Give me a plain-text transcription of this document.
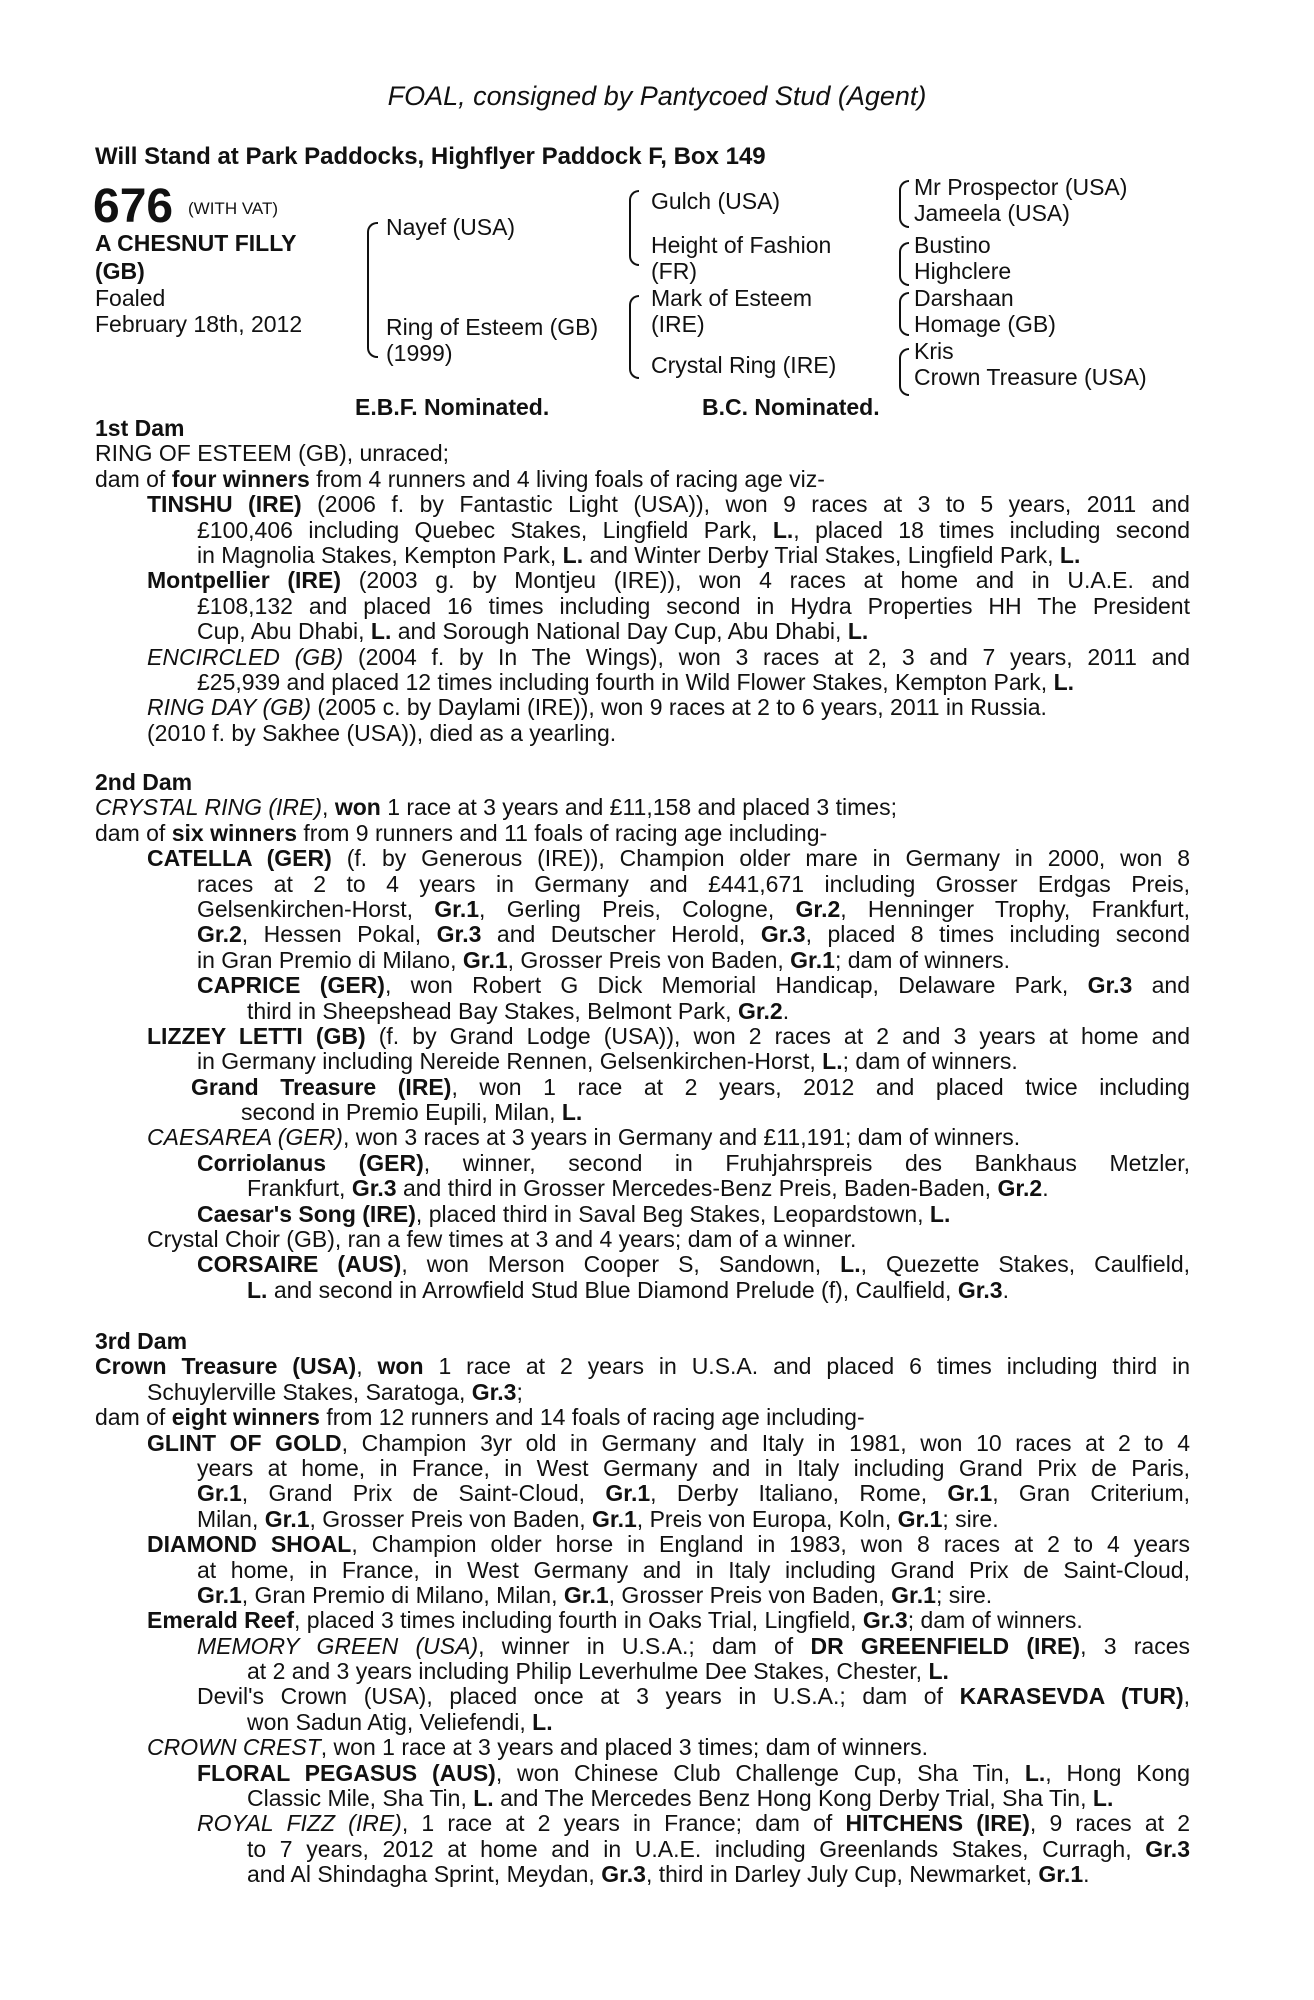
FOAL, consigned by Pantycoed Stud (Agent)
Will Stand at Park Paddocks, Highflyer Paddock F, Box 149
676 (WITH VAT)
A CHESNUT FILLY
(GB)
Foaled
February 18th, 2012
Nayef (USA)
Ring of Esteem (GB)
(1999)
Gulch (USA)
Height of Fashion
(FR)
Mark of Esteem
(IRE)
Crystal Ring (IRE)
Mr Prospector (USA)
Jameela (USA)
Bustino
Highclere
Darshaan
Homage (GB)
Kris
Crown Treasure (USA)
E.B.F. Nominated.	B.C. Nominated.
1st Dam
RING OF ESTEEM (GB), unraced;
dam of four winners from 4 runners and 4 living foals of racing age viz-
TINSHU (IRE) (2006 f. by Fantastic Light (USA)), won 9 races at 3 to 5 years, 2011 and
£100,406 including Quebec Stakes, Lingfield Park, L., placed 18 times including second
in Magnolia Stakes, Kempton Park, L. and Winter Derby Trial Stakes, Lingfield Park, L.
Montpellier (IRE) (2003 g. by Montjeu (IRE)), won 4 races at home and in U.A.E. and
£108,132 and placed 16 times including second in Hydra Properties HH The President
Cup, Abu Dhabi, L. and Sorough National Day Cup, Abu Dhabi, L.
ENCIRCLED (GB) (2004 f. by In The Wings), won 3 races at 2, 3 and 7 years, 2011 and
£25,939 and placed 12 times including fourth in Wild Flower Stakes, Kempton Park, L.
RING DAY (GB) (2005 c. by Daylami (IRE)), won 9 races at 2 to 6 years, 2011 in Russia.
(2010 f. by Sakhee (USA)), died as a yearling.
2nd Dam
CRYSTAL RING (IRE), won 1 race at 3 years and £11,158 and placed 3 times;
dam of six winners from 9 runners and 11 foals of racing age including-
CATELLA (GER) (f. by Generous (IRE)), Champion older mare in Germany in 2000, won 8
races at 2 to 4 years in Germany and £441,671 including Grosser Erdgas Preis,
Gelsenkirchen-Horst, Gr.1, Gerling Preis, Cologne, Gr.2, Henninger Trophy, Frankfurt,
Gr.2, Hessen Pokal, Gr.3 and Deutscher Herold, Gr.3, placed 8 times including second
in Gran Premio di Milano, Gr.1, Grosser Preis von Baden, Gr.1; dam of winners.
CAPRICE (GER), won Robert G Dick Memorial Handicap, Delaware Park, Gr.3 and
third in Sheepshead Bay Stakes, Belmont Park, Gr.2.
LIZZEY LETTI (GB) (f. by Grand Lodge (USA)), won 2 races at 2 and 3 years at home and
in Germany including Nereide Rennen, Gelsenkirchen-Horst, L.; dam of winners.
Grand Treasure (IRE), won 1 race at 2 years, 2012 and placed twice including
second in Premio Eupili, Milan, L.
CAESAREA (GER), won 3 races at 3 years in Germany and £11,191; dam of winners.
Corriolanus (GER), winner, second in Fruhjahrspreis des Bankhaus Metzler,
Frankfurt, Gr.3 and third in Grosser Mercedes-Benz Preis, Baden-Baden, Gr.2.
Caesar's Song (IRE), placed third in Saval Beg Stakes, Leopardstown, L.
Crystal Choir (GB), ran a few times at 3 and 4 years; dam of a winner.
CORSAIRE (AUS), won Merson Cooper S, Sandown, L., Quezette Stakes, Caulfield,
L. and second in Arrowfield Stud Blue Diamond Prelude (f), Caulfield, Gr.3.
3rd Dam
Crown Treasure (USA), won 1 race at 2 years in U.S.A. and placed 6 times including third in
Schuylerville Stakes, Saratoga, Gr.3;
dam of eight winners from 12 runners and 14 foals of racing age including-
GLINT OF GOLD, Champion 3yr old in Germany and Italy in 1981, won 10 races at 2 to 4
years at home, in France, in West Germany and in Italy including Grand Prix de Paris,
Gr.1, Grand Prix de Saint-Cloud, Gr.1, Derby Italiano, Rome, Gr.1, Gran Criterium,
Milan, Gr.1, Grosser Preis von Baden, Gr.1, Preis von Europa, Koln, Gr.1; sire.
DIAMOND SHOAL, Champion older horse in England in 1983, won 8 races at 2 to 4 years
at home, in France, in West Germany and in Italy including Grand Prix de Saint-Cloud,
Gr.1, Gran Premio di Milano, Milan, Gr.1, Grosser Preis von Baden, Gr.1; sire.
Emerald Reef, placed 3 times including fourth in Oaks Trial, Lingfield, Gr.3; dam of winners.
MEMORY GREEN (USA), winner in U.S.A.; dam of DR GREENFIELD (IRE), 3 races
at 2 and 3 years including Philip Leverhulme Dee Stakes, Chester, L.
Devil's Crown (USA), placed once at 3 years in U.S.A.; dam of KARASEVDA (TUR),
won Sadun Atig, Veliefendi, L.
CROWN CREST, won 1 race at 3 years and placed 3 times; dam of winners.
FLORAL PEGASUS (AUS), won Chinese Club Challenge Cup, Sha Tin, L., Hong Kong
Classic Mile, Sha Tin, L. and The Mercedes Benz Hong Kong Derby Trial, Sha Tin, L.
ROYAL FIZZ (IRE), 1 race at 2 years in France; dam of HITCHENS (IRE), 9 races at 2
to 7 years, 2012 at home and in U.A.E. including Greenlands Stakes, Curragh, Gr.3
and Al Shindagha Sprint, Meydan, Gr.3, third in Darley July Cup, Newmarket, Gr.1.
